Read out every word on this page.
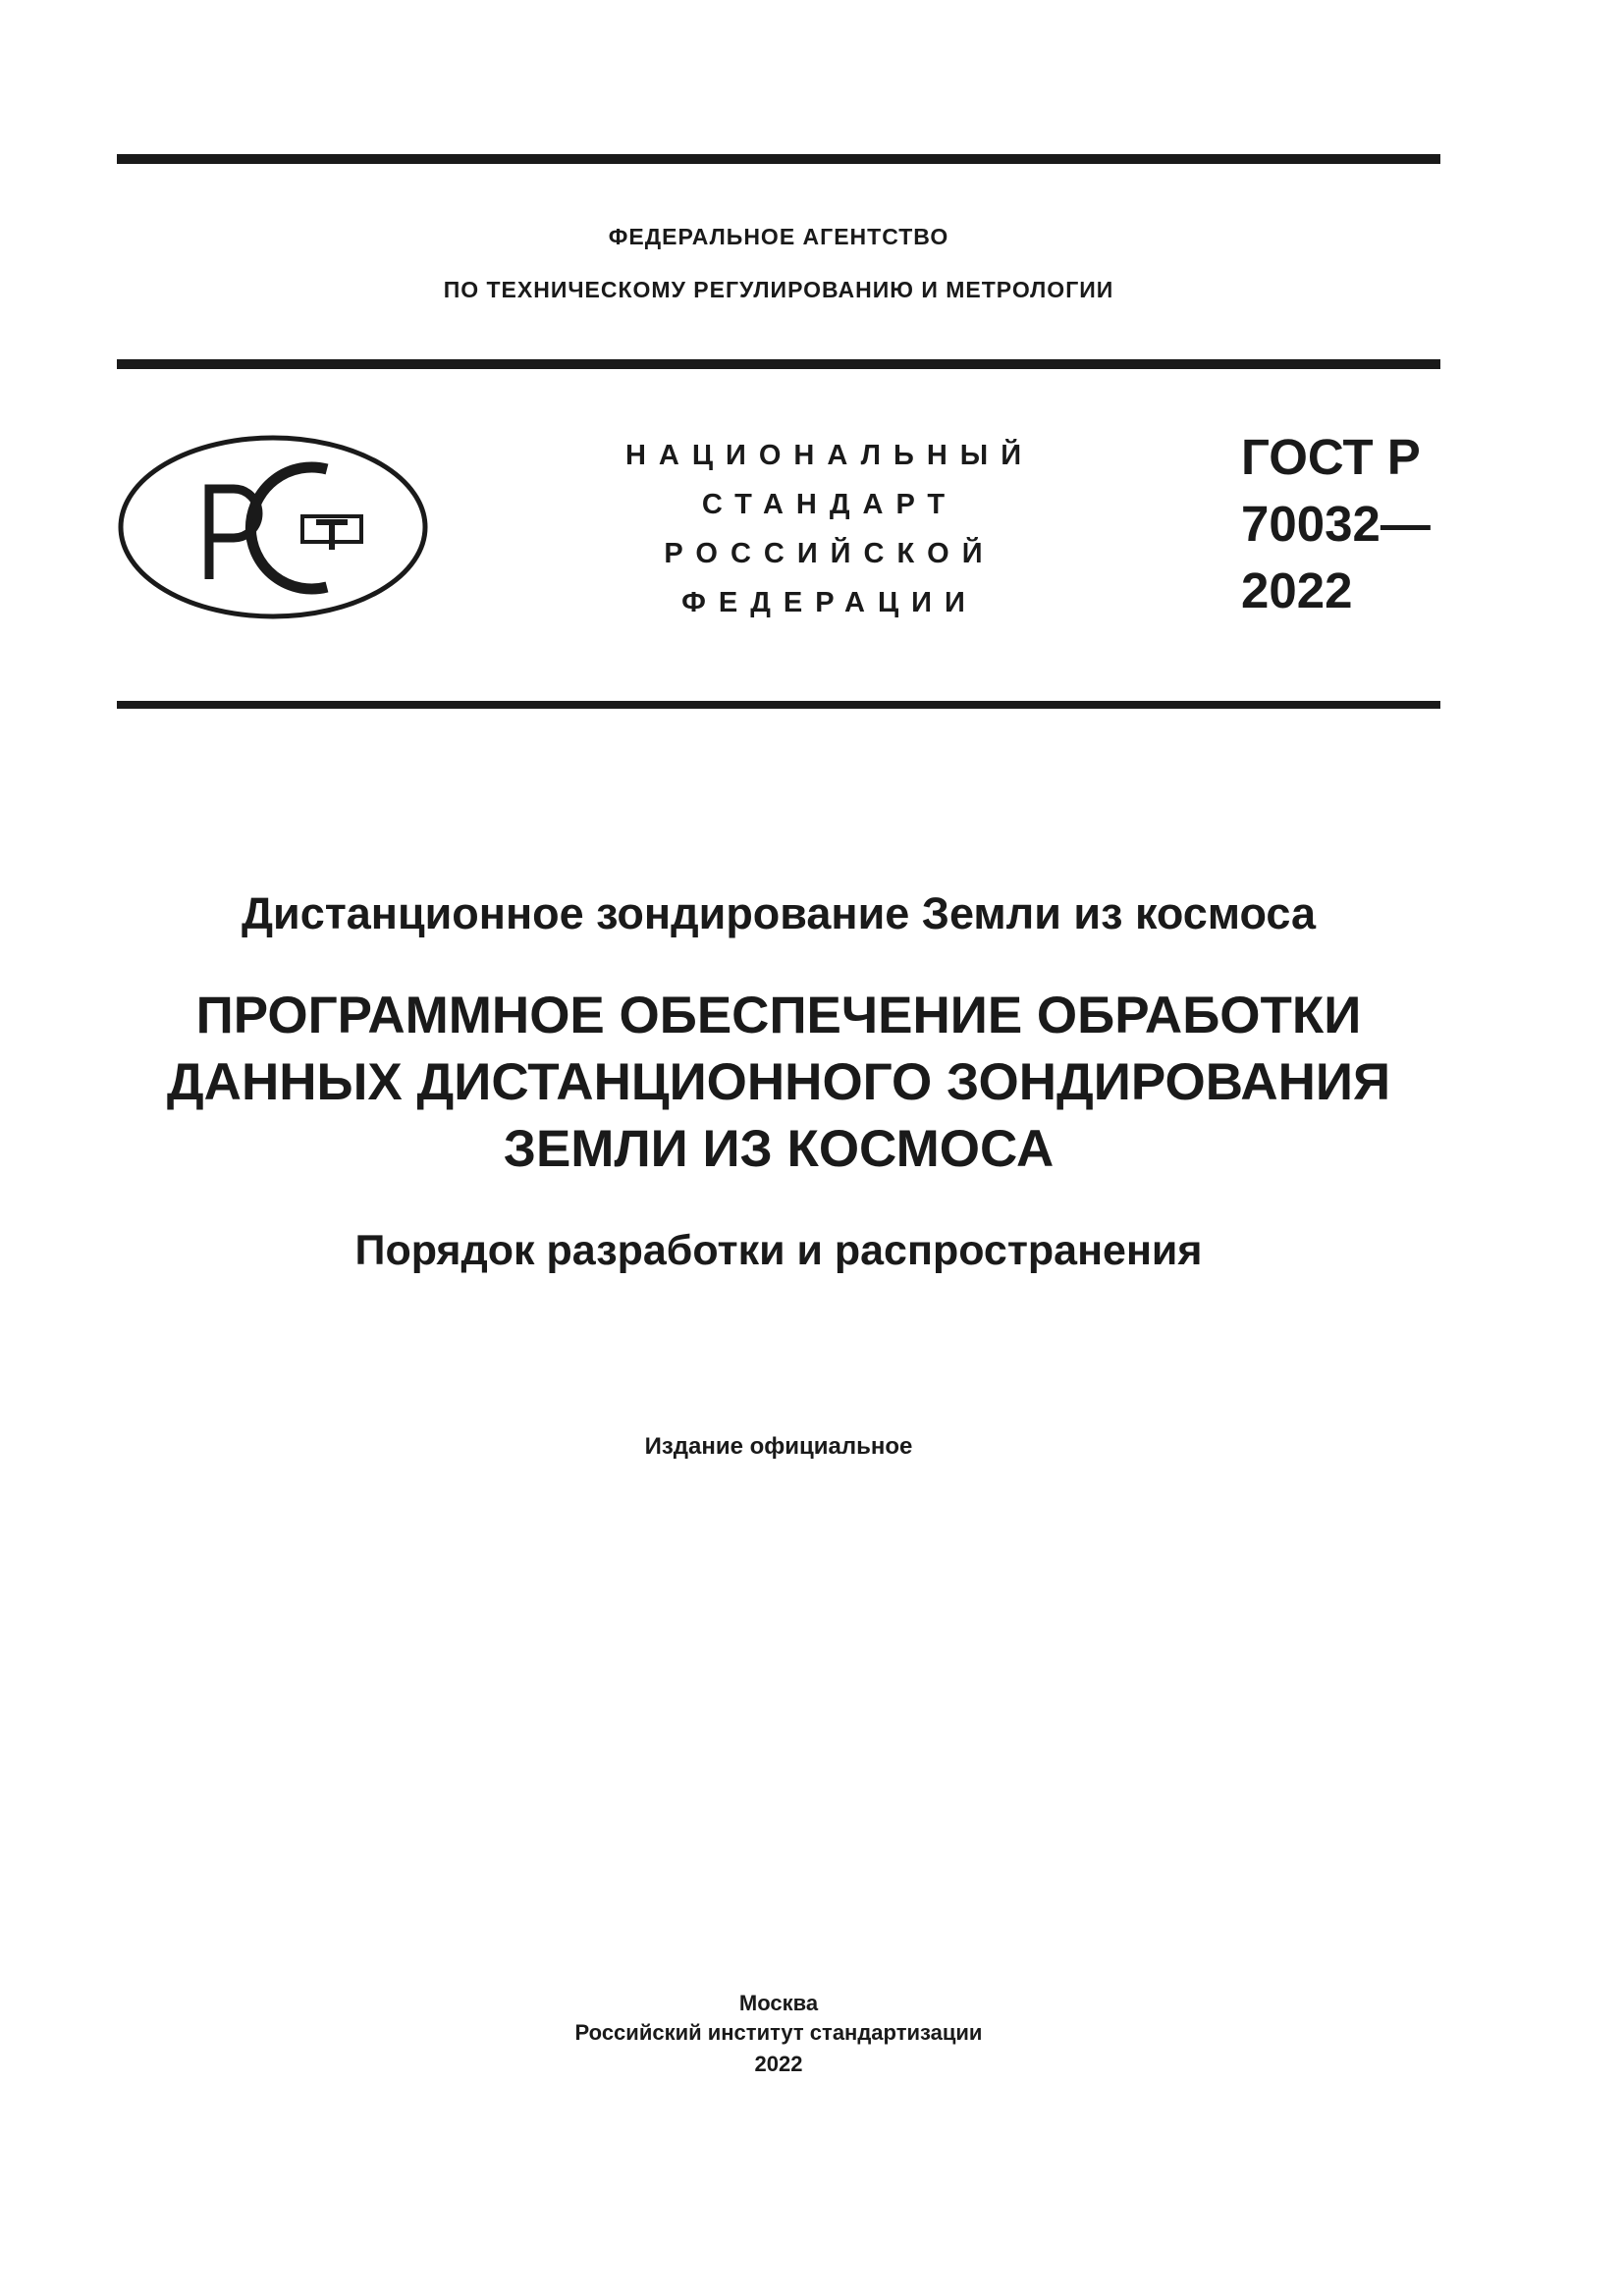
ФЕДЕРАЛЬНОЕ АГЕНТСТВО
ПО ТЕХНИЧЕСКОМУ РЕГУЛИРОВАНИЮ И МЕТРОЛОГИИ
НАЦИОНАЛЬНЫЙ
СТАНДАРТ
РОССИЙСКОЙ
ФЕДЕРАЦИИ
ГОСТ Р
70032—
2022
Дистанционное зондирование Земли из космоса
ПРОГРАММНОЕ ОБЕСПЕЧЕНИЕ ОБРАБОТКИ
ДАННЫХ ДИСТАНЦИОННОГО ЗОНДИРОВАНИЯ
ЗЕМЛИ ИЗ КОСМОСА
Порядок разработки и распространения
Издание официальное
Москва
Российский институт стандартизации
2022
